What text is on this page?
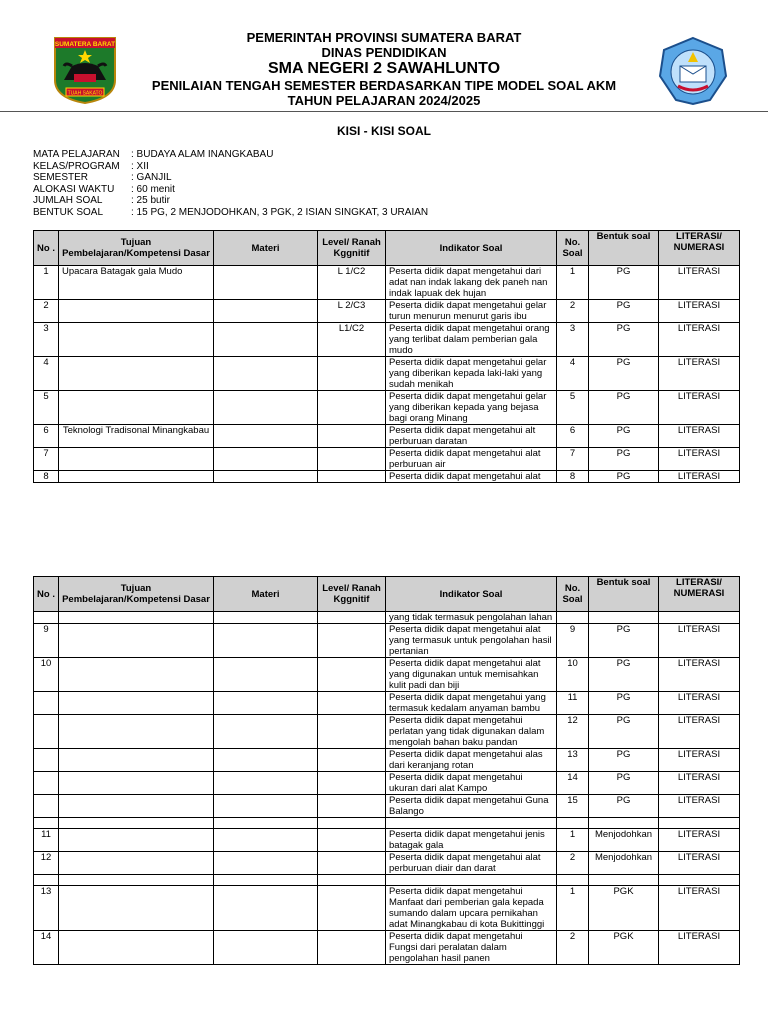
SUMATERA BARAT
TUAH SAKATO
PEMERINTAH PROVINSI SUMATERA BARAT
DINAS PENDIDIKAN
SMA NEGERI 2 SAWAHLUNTO
PENILAIAN TENGAH SEMESTER BERDASARKAN TIPE MODEL SOAL AKM
TAHUN PELAJARAN 2024/2025
KISI - KISI SOAL
MATA PELAJARAN	: BUDAYA ALAM INANGKABAU
KELAS/PROGRAM	: XII
SEMESTER	: GANJIL
ALOKASI WAKTU	: 60 menit
JUMLAH SOAL	: 25 butir
BENTUK SOAL	: 15 PG, 2 MENJODOHKAN, 3 PGK, 2 ISIAN SINGKAT, 3 URAIAN
No .	Tujuan Pembelajaran/Kompetensi Dasar	Materi	Level/ Ranah Kggnitif	Indikator Soal	No. Soal	Bentuk soal	LITERASI/ NUMERASI
1	Upacara Batagak gala Mudo		L 1/C2	Peserta didik dapat mengetahui dari adat nan indak lakang dek paneh nan indak lapuak dek hujan	1	PG	LITERASI
2			L 2/C3	Peserta didik dapat mengetahui gelar turun menurun menurut garis ibu	2	PG	LITERASI
3			L1/C2	Peserta didik dapat mengetahui orang yang terlibat dalam pemberian gala mudo	3	PG	LITERASI
4				Peserta didik dapat mengetahui gelar yang diberikan kepada laki-laki yang sudah menikah	4	PG	LITERASI
5				Peserta didik dapat mengetahui gelar yang diberikan kepada yang bejasa bagi orang Minang	5	PG	LITERASI
6	Teknologi Tradisonal Minangkabau			Peserta didik dapat mengetahui alt perburuan daratan	6	PG	LITERASI
7				Peserta didik dapat mengetahui alat perburuan air	7	PG	LITERASI
8				Peserta didik dapat mengetahui alat	8	PG	LITERASI
No .	Tujuan Pembelajaran/Kompetensi Dasar	Materi	Level/ Ranah Kggnitif	Indikator Soal	No. Soal	Bentuk soal	LITERASI/ NUMERASI
				yang tidak termasuk pengolahan lahan			
9				Peserta didik dapat mengetahui alat yang termasuk untuk pengolahan hasil pertanian	9	PG	LITERASI
10				Peserta didik dapat mengetahui alat yang digunakan untuk memisahkan kulit padi dan biji	10	PG	LITERASI
				Peserta didik dapat mengetahui yang termasuk kedalam anyaman bambu	11	PG	LITERASI
				Peserta didik dapat mengetahui perlatan yang tidak digunakan dalam mengolah bahan baku pandan	12	PG	LITERASI
				Peserta didik dapat mengetahui alas dari keranjang rotan	13	PG	LITERASI
				Peserta didik dapat mengetahui ukuran dari alat Kampo	14	PG	LITERASI
				Peserta didik dapat mengetahui Guna Balango	15	PG	LITERASI

11				Peserta didik dapat mengetahui jenis batagak gala	1	Menjodohkan	LITERASI
12				Peserta didik dapat mengetahui alat perburuan diair dan darat	2	Menjodohkan	LITERASI

13				Peserta didik dapat mengetahui Manfaat dari pemberian gala kepada sumando dalam upcara pernikahan adat Minangkabau di kota Bukittinggi	1	PGK	LITERASI
14				Peserta didik dapat mengetahui Fungsi dari peralatan dalam pengolahan hasil panen	2	PGK	LITERASI
